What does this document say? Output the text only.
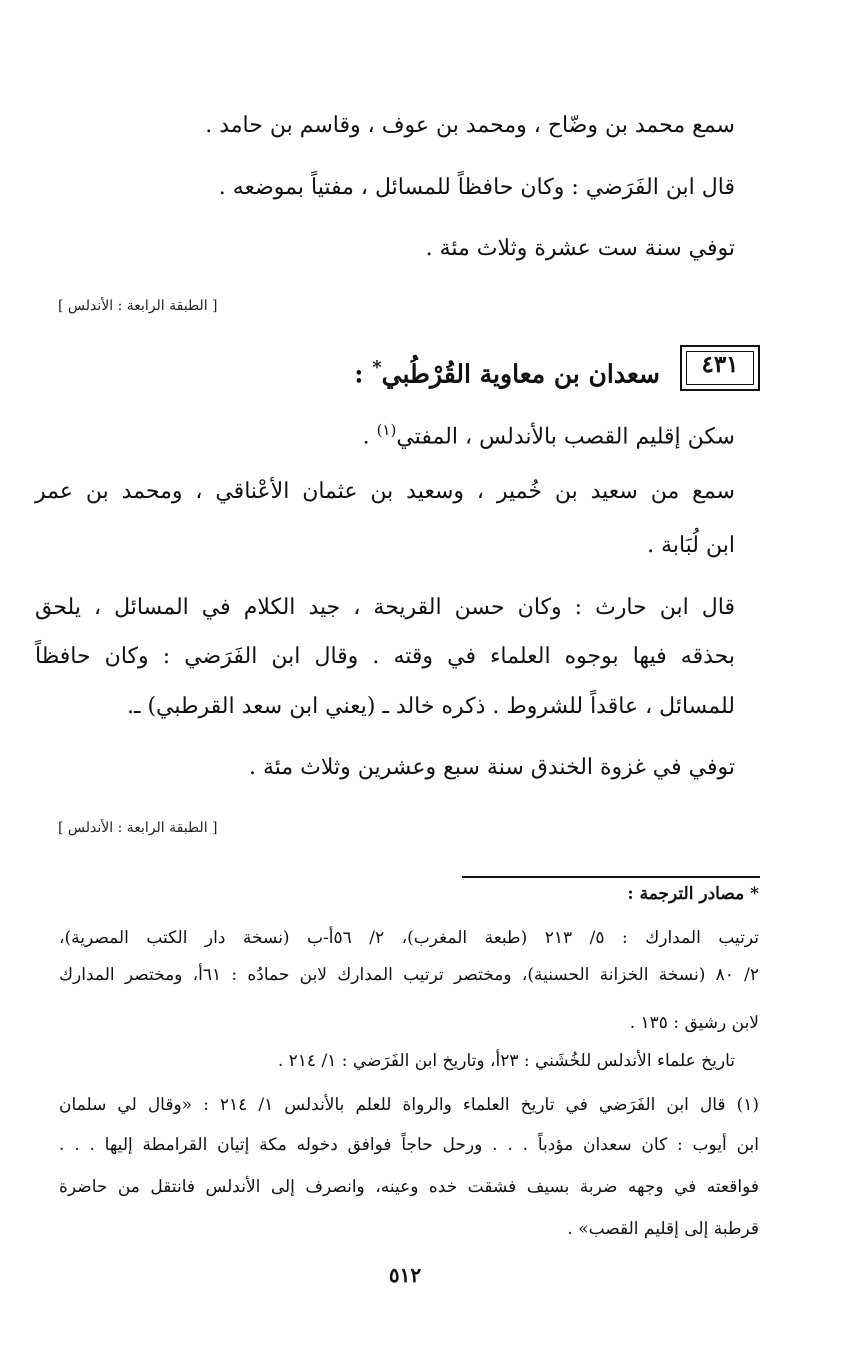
سمع محمد بن وضّاح ، ومحمد بن عوف ، وقاسم بن حامد .
قال ابن الفَرَضي : وكان حافظاً للمسائل ، مفتياً بموضعه .
توفي سنة ست عشرة وثلاث مئة .
[ الطبقة الرابعة : الأندلس ]
٤٣١
سعدان بن معاوية القُرْطُبي* :
سكن إقليم القصب بالأندلس ، المفتي$^{(١)}$ .
سمع من سعيد بن خُمير ، وسعيد بن عثمان الأعْناقي ، ومحمد بن عمر
ابن لُبَابة .
قال ابن حارث : وكان حسن القريحة ، جيد الكلام في المسائل ، يلحق
بحذقه فيها بوجوه العلماء في وقته . وقال ابن الفَرَضي : وكان حافظاً
للمسائل ، عاقداً للشروط . ذكره خالد ـ (يعني ابن سعد القرطبي) ـ.
توفي في غزوة الخندق سنة سبع وعشرين وثلاث مئة .
[ الطبقة الرابعة : الأندلس ]
* مصادر الترجمة :
ترتيب المدارك : ٥/ ٢١٣ (طبعة المغرب)، ٢/ ٥٦أ-ب (نسخة دار الكتب المصرية)،
٢/ ٨٠ (نسخة الخزانة الحسنية)، ومختصر ترتيب المدارك لابن حمادُه : ٦١أ، ومختصر المدارك
لابن رشيق : ١٣٥ .
تاريخ علماء الأندلس للخُشَني : ٢٣أ، وتاريخ ابن الفَرَضي : ١/ ٢١٤ .
(١) قال ابن الفَرَضي في تاريخ العلماء والرواة للعلم بالأندلس ١/ ٢١٤ : «وقال لي سلمان
ابن أيوب : كان سعدان مؤدباً . . . ورحل حاجاً فوافق دخوله مكة إتيان القرامطة إليها . . .
فواقعته في وجهه ضربة بسيف فشقت خده وعينه، وانصرف إلى الأندلس فانتقل من حاضرة
قرطبة إلى إقليم القصب» .
٥١٢
